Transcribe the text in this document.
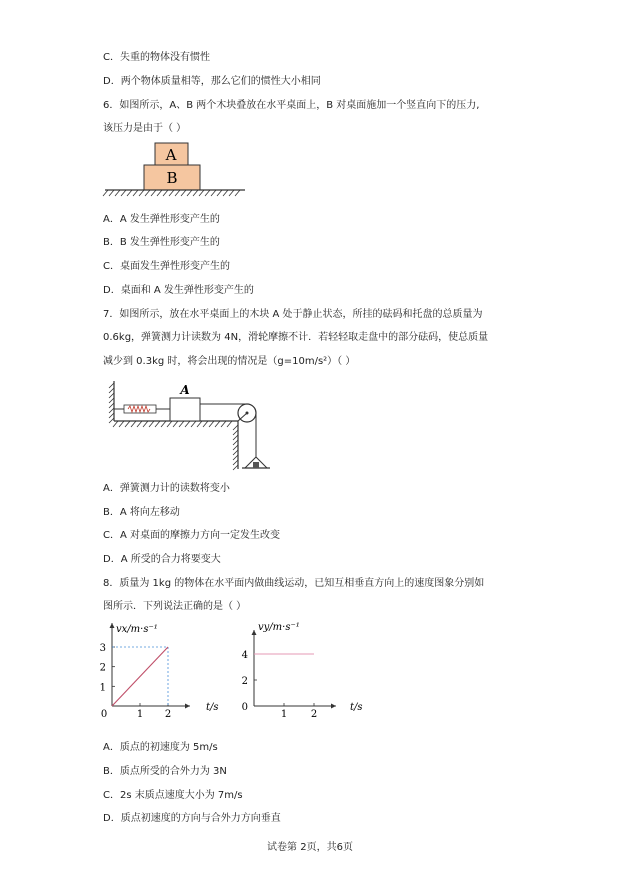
C．失重的物体没有惯性
D．两个物体质量相等，那么它们的惯性大小相同
6．如图所示，A、B 两个木块叠放在水平桌面上，B 对桌面施加一个竖直向下的压力,
该压力是由于（ ）
A
B
A．A 发生弹性形变产生的
B．B 发生弹性形变产生的
C．桌面发生弹性形变产生的
D．桌面和 A 发生弹性形变产生的
7．如图所示，放在水平桌面上的木块 A 处于静止状态，所挂的砝码和托盘的总质量为
0.6kg，弹簧测力计读数为 4N，滑轮摩擦不计．若轻轻取走盘中的部分砝码，使总质量
减少到 0.3kg 时，将会出现的情况是（g=10m/s²）（ ）
A
A．弹簧测力计的读数将变小
B．A 将向左移动
C．A 对桌面的摩擦力方向一定发生改变
D．A 所受的合力将要变大
8．质量为 1kg 的物体在水平面内做曲线运动，已知互相垂直方向上的速度图象分别如
图所示．下列说法正确的是（ ）
vx/m·s⁻¹
t/s
0	1 2
1
2
3
vy/m·s⁻¹
t/s
1 2
0
2
4
A．质点的初速度为 5m/s
B．质点所受的合外力为 3N
C．2s 末质点速度大小为 7m/s
D．质点初速度的方向与合外力方向垂直
试卷第 2页，共6页
